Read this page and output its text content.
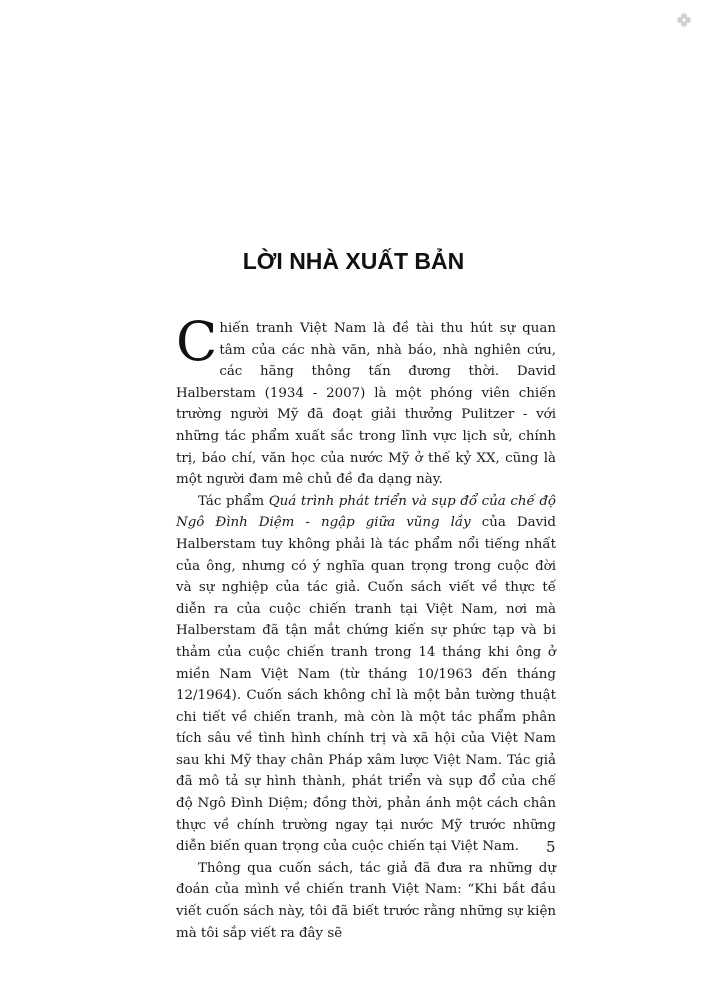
LỜI NHÀ XUẤT BẢN

Chiến tranh Việt Nam là đề tài thu hút sự quan tâm của các nhà văn, nhà báo, nhà nghiên cứu, các hãng thông tấn đương thời. David Halberstam (1934 - 2007) là một phóng viên chiến trường người Mỹ đã đoạt giải thưởng Pulitzer - với những tác phẩm xuất sắc trong lĩnh vực lịch sử, chính trị, báo chí, văn học của nước Mỹ ở thế kỷ XX, cũng là một người đam mê chủ đề đa dạng này.

Tác phẩm Quá trình phát triển và sụp đổ của chế độ Ngô Đình Diệm - ngập giữa vũng lầy của David Halberstam tuy không phải là tác phẩm nổi tiếng nhất của ông, nhưng có ý nghĩa quan trọng trong cuộc đời và sự nghiệp của tác giả. Cuốn sách viết về thực tế diễn ra của cuộc chiến tranh tại Việt Nam, nơi mà Halberstam đã tận mắt chứng kiến sự phức tạp và bi thảm của cuộc chiến tranh trong 14 tháng khi ông ở miền Nam Việt Nam (từ tháng 10/1963 đến tháng 12/1964). Cuốn sách không chỉ là một bản tường thuật chi tiết về chiến tranh, mà còn là một tác phẩm phân tích sâu về tình hình chính trị và xã hội của Việt Nam sau khi Mỹ thay chân Pháp xâm lược Việt Nam. Tác giả đã mô tả sự hình thành, phát triển và sụp đổ của chế độ Ngô Đình Diệm; đồng thời, phản ánh một cách chân thực về chính trường ngay tại nước Mỹ trước những diễn biến quan trọng của cuộc chiến tại Việt Nam.

Thông qua cuốn sách, tác giả đã đưa ra những dự đoán của mình về chiến tranh Việt Nam: “Khi bắt đầu viết cuốn sách này, tôi đã biết trước rằng những sự kiện mà tôi sắp viết ra đây sẽ

5
